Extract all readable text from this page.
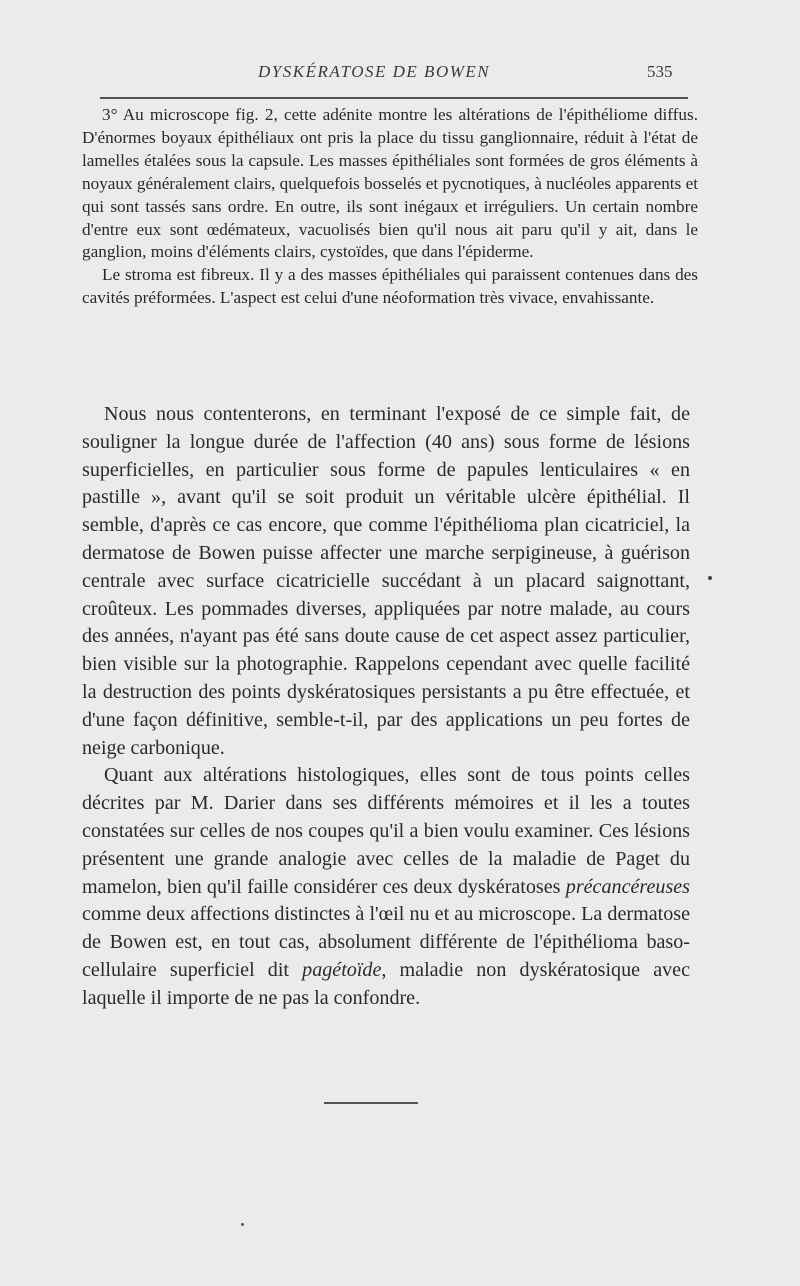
DYSKÉRATOSE DE BOWEN	535

3° Au microscope fig. 2, cette adénite montre les altérations de l'épithéliome diffus. D'énormes boyaux épithéliaux ont pris la place du tissu ganglionnaire, réduit à l'état de lamelles étalées sous la capsule. Les masses épithéliales sont formées de gros éléments à noyaux généralement clairs, quelquefois bosselés et pycnotiques, à nucléoles apparents et qui sont tassés sans ordre. En outre, ils sont inégaux et irréguliers. Un certain nombre d'entre eux sont œdémateux, vacuolisés bien qu'il nous ait paru qu'il y ait, dans le ganglion, moins d'éléments clairs, cystoïdes, que dans l'épiderme.

Le stroma est fibreux. Il y a des masses épithéliales qui paraissent contenues dans des cavités préformées. L'aspect est celui d'une néoformation très vivace, envahissante.

Nous nous contenterons, en terminant l'exposé de ce simple fait, de souligner la longue durée de l'affection (40 ans) sous forme de lésions superficielles, en particulier sous forme de papules lenticulaires « en pastille », avant qu'il se soit produit un véritable ulcère épithélial. Il semble, d'après ce cas encore, que comme l'épithélioma plan cicatriciel, la dermatose de Bowen puisse affecter une marche serpigineuse, à guérison centrale avec surface cicatricielle succédant à un placard saignottant, croûteux. Les pommades diverses, appliquées par notre malade, au cours des années, n'ayant pas été sans doute cause de cet aspect assez particulier, bien visible sur la photographie. Rappelons cependant avec quelle facilité la destruction des points dyskératosiques persistants a pu être effectuée, et d'une façon définitive, semble-t-il, par des applications un peu fortes de neige carbonique.

Quant aux altérations histologiques, elles sont de tous points celles décrites par M. Darier dans ses différents mémoires et il les a toutes constatées sur celles de nos coupes qu'il a bien voulu examiner. Ces lésions présentent une grande analogie avec celles de la maladie de Paget du mamelon, bien qu'il faille considérer ces deux dyskératoses précancéreuses comme deux affections distinctes à l'œil nu et au microscope. La dermatose de Bowen est, en tout cas, absolument différente de l'épithélioma baso-cellulaire superficiel dit pagétoïde, maladie non dyskératosique avec laquelle il importe de ne pas la confondre.
